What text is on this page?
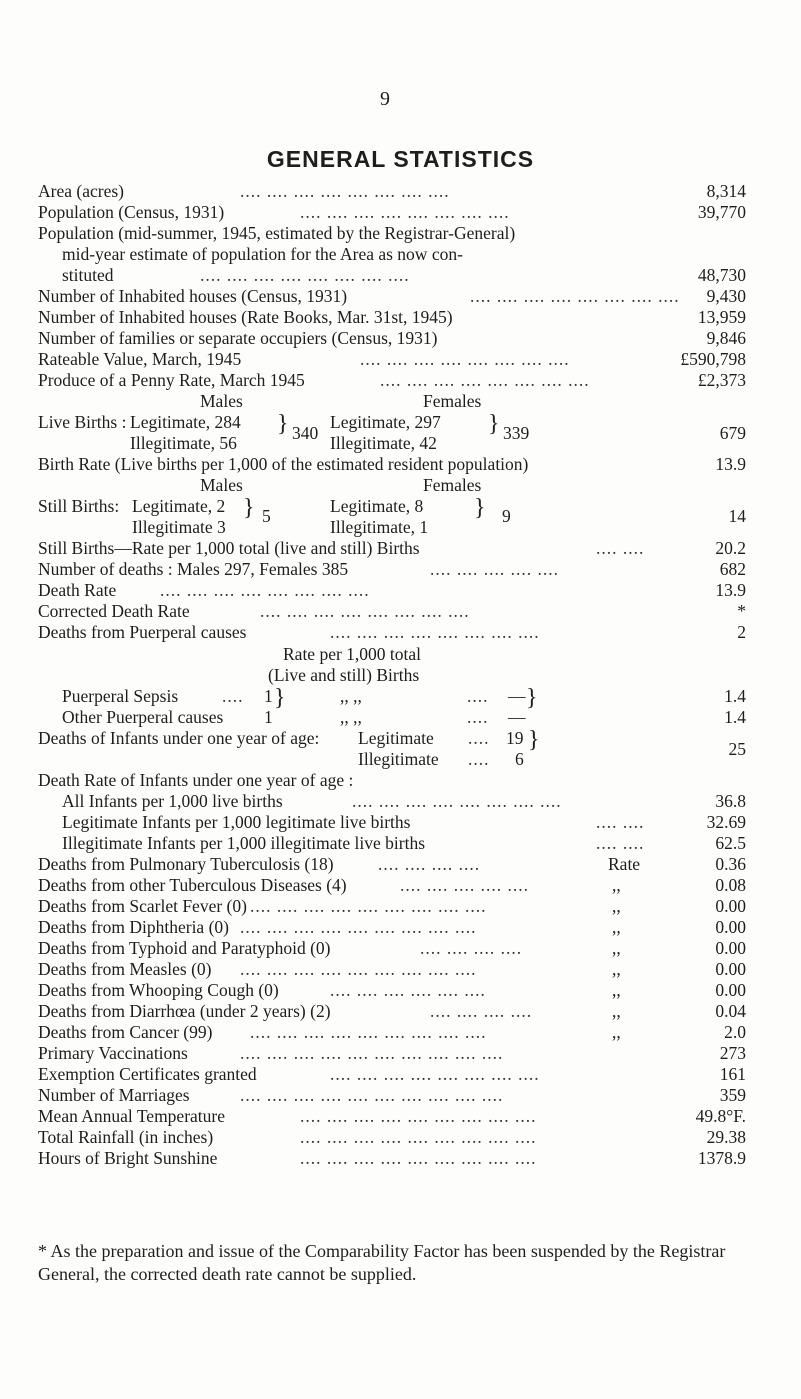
9
GENERAL STATISTICS
Area (acres)	.... .... .... .... .... .... .... ....	8,314
Population (Census, 1931)	.... .... .... .... .... .... .... ....	39,770
Population (mid-summer, 1945, estimated by the Registrar-General)
mid-year estimate of population for the Area as now con-
stituted	.... .... .... .... .... .... .... ....	48,730
Number of Inhabited houses (Census, 1931)	.... .... .... .... .... .... .... .... 9,430
Number of Inhabited houses (Rate Books, Mar. 31st, 1945)	13,959
Number of families or separate occupiers (Census, 1931)	9,846
Rateable Value, March, 1945	.... .... .... .... .... .... .... ....	£590,798
Produce of a Penny Rate, March 1945	.... .... .... .... .... .... .... ....	£2,373
Males	Females
Live Births : Legitimate, 284	Legitimate, 297
Illegitimate, 56	Illegitimate, 42
}	}
340	339	679
Birth Rate (Live births per 1,000 of the estimated resident population)	13.9
Males	Females
Still Births: Legitimate, 2	Legitimate, 8
Illegitimate 3	Illegitimate, 1
}	}
5	9	14
Still Births—Rate per 1,000 total (live and still) Births	.... ....	20.2
Number of deaths : Males 297, Females 385	.... .... .... .... ....	682
Death Rate	.... .... .... .... .... .... .... ....	13.9
Corrected Death Rate	.... .... .... .... .... .... .... ....	*
Deaths from Puerperal causes	.... .... .... .... .... .... .... ....	2
Rate per 1,000 total
(Live and still) Births
Puerperal Sepsis	.... 1	,, ,,	.... —	1.4
Other Puerperal causes 1	,, ,,	.... —	1.4
}	}
Deaths of Infants under one year of age: Legitimate .... 19
Illegitimate .... 6
}	25
Death Rate of Infants under one year of age :
All Infants per 1,000 live births	.... .... .... .... .... .... .... ....	36.8
Legitimate Infants per 1,000 legitimate live births	.... ....	32.69
Illegitimate Infants per 1,000 illegitimate live births	.... ....	62.5
Deaths from Pulmonary Tuberculosis (18)	.... .... .... ....	Rate	0.36
Deaths from other Tuberculous Diseases (4)	.... .... .... .... ....	,,	0.08
Deaths from Scarlet Fever (0) .... .... .... .... .... .... .... .... ....	,,	0.00
Deaths from Diphtheria (0) .... .... .... .... .... .... .... .... ....	,,	0.00
Deaths from Typhoid and Paratyphoid (0)	.... .... .... ....	,,	0.00
Deaths from Measles (0) .... .... .... .... .... .... .... .... ....	,,	0.00
Deaths from Whooping Cough (0)	.... .... .... .... .... ....	,,	0.00
Deaths from Diarrhœa (under 2 years) (2)	.... .... .... ....	,,	0.04
Deaths from Cancer (99) .... .... .... .... .... .... .... .... ....	,,	2.0
Primary Vaccinations	.... .... .... .... .... .... .... .... .... ....	273
Exemption Certificates granted	.... .... .... .... .... .... .... ....	161
Number of Marriages	.... .... .... .... .... .... .... .... .... ....	359
Mean Annual Temperature	.... .... .... .... .... .... .... .... ....	49.8°F.
Total Rainfall (in inches)	.... .... .... .... .... .... .... .... ....	29.38
Hours of Bright Sunshine	.... .... .... .... .... .... .... .... ....	1378.9
* As the preparation and issue of the Comparability Factor has been suspended by the Registrar General, the corrected death rate cannot be supplied.
